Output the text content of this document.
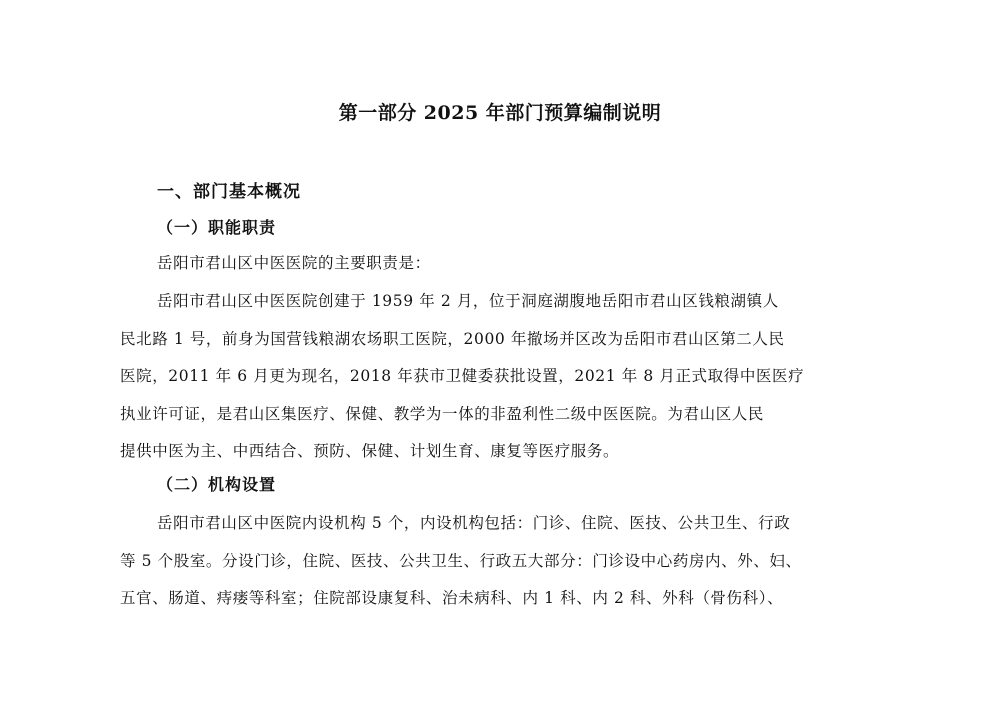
第一部分 2025 年部门预算编制说明
一、部门基本概况
（一）职能职责
岳阳市君山区中医医院的主要职责是：
岳阳市君山区中医医院创建于 1959 年 2 月，位于洞庭湖腹地岳阳市君山区钱粮湖镇人
民北路 1 号，前身为国营钱粮湖农场职工医院，2000 年撤场并区改为岳阳市君山区第二人民
医院，2011 年 6 月更为现名，2018 年获市卫健委获批设置，2021 年 8 月正式取得中医医疗
执业许可证，是君山区集医疗、保健、教学为一体的非盈利性二级中医医院。为君山区人民
提供中医为主、中西结合、预防、保健、计划生育、康复等医疗服务。
（二）机构设置
岳阳市君山区中医院内设机构 5 个，内设机构包括：门诊、住院、医技、公共卫生、行政
等 5 个股室。分设门诊，住院、医技、公共卫生、行政五大部分：门诊设中心药房内、外、妇、
五官、肠道、痔瘘等科室；住院部设康复科、治未病科、内 1 科、内 2 科、外科（骨伤科）、
